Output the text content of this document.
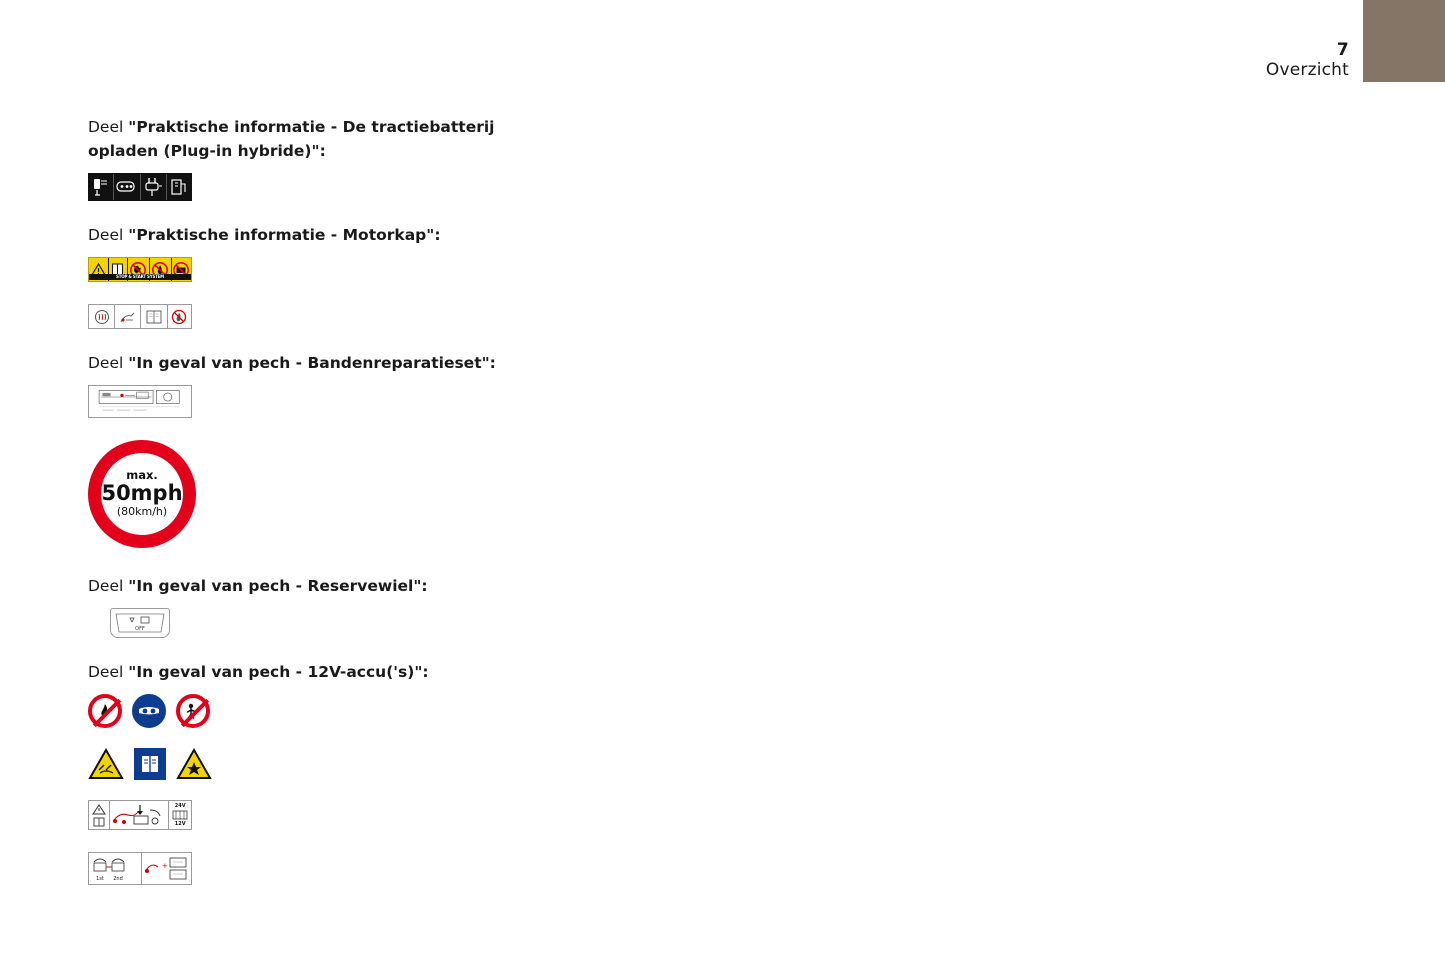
7
Overzicht

Deel "Praktische informatie - De tractiebatterij opladen (Plug-in hybride)":

Deel "Praktische informatie - Motorkap":

STOP & START SYSTEM

Deel "In geval van pech - Bandenreparatieset":

max.
50mph
(80km/h)

Deel "In geval van pech - Reservewiel":

OFF

Deel "In geval van pech - 12V-accu('s)":

24V
12V
1st 2nd
+
